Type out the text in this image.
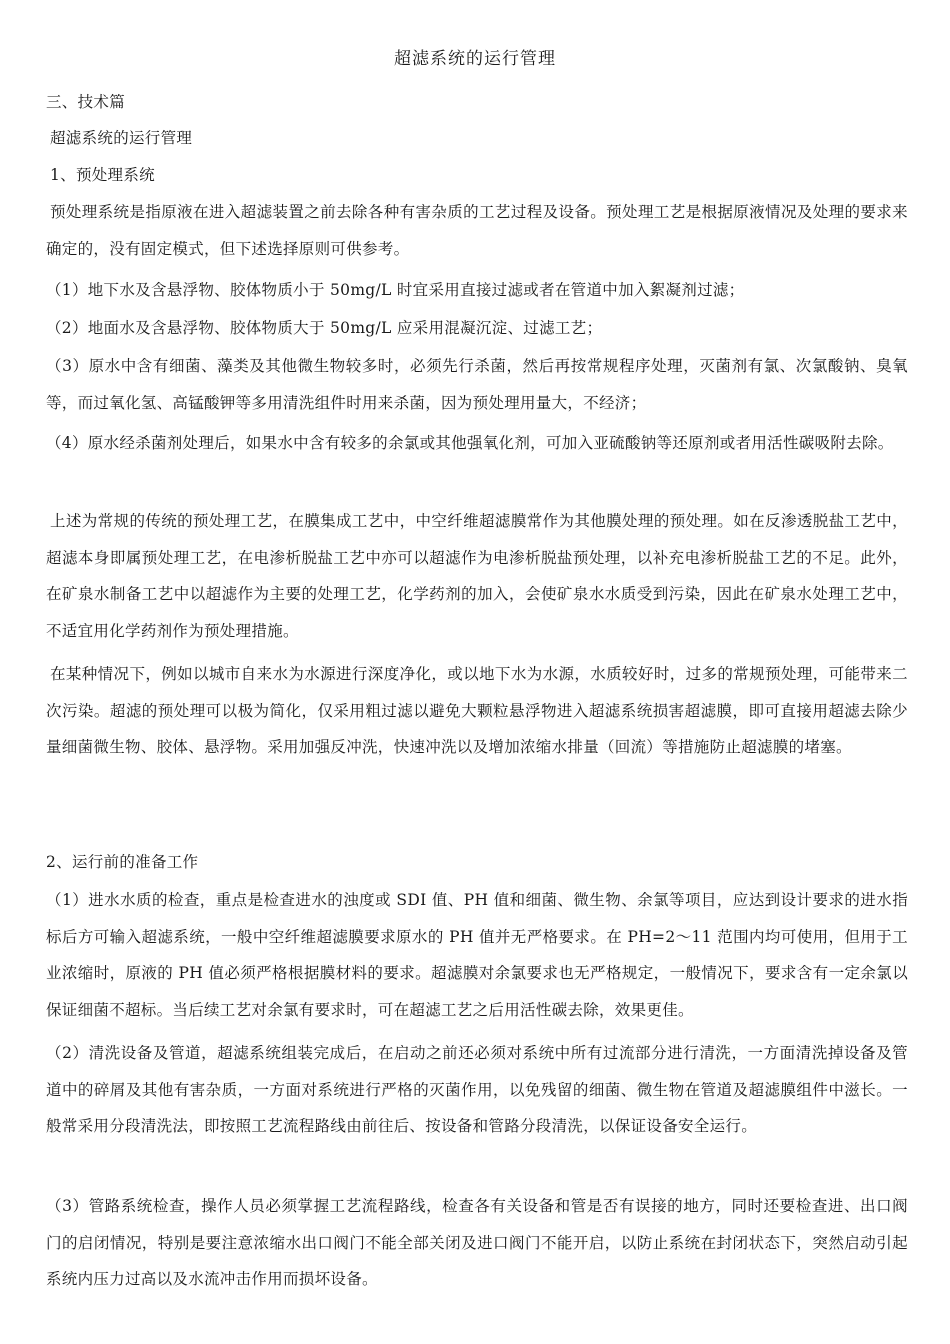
超滤系统的运行管理
三、技术篇
超滤系统的运行管理
1、预处理系统
预处理系统是指原液在进入超滤装置之前去除各种有害杂质的工艺过程及设备。预处理工艺是根据原液情况及处理的要求来确定的，没有固定模式，但下述选择原则可供参考。
（1）地下水及含悬浮物、胶体物质小于 50mg/L 时宜采用直接过滤或者在管道中加入絮凝剂过滤；
（2）地面水及含悬浮物、胶体物质大于 50mg/L 应采用混凝沉淀、过滤工艺；
（3）原水中含有细菌、藻类及其他微生物较多时，必须先行杀菌，然后再按常规程序处理，灭菌剂有氯、次氯酸钠、臭氧等，而过氧化氢、高锰酸钾等多用清洗组件时用来杀菌，因为预处理用量大，不经济；
（4）原水经杀菌剂处理后，如果水中含有较多的余氯或其他强氧化剂，可加入亚硫酸钠等还原剂或者用活性碳吸附去除。
上述为常规的传统的预处理工艺，在膜集成工艺中，中空纤维超滤膜常作为其他膜处理的预处理。如在反渗透脱盐工艺中，超滤本身即属预处理工艺，在电渗析脱盐工艺中亦可以超滤作为电渗析脱盐预处理，以补充电渗析脱盐工艺的不足。此外，在矿泉水制备工艺中以超滤作为主要的处理工艺，化学药剂的加入，会使矿泉水水质受到污染，因此在矿泉水处理工艺中，不适宜用化学药剂作为预处理措施。
在某种情况下，例如以城市自来水为水源进行深度净化，或以地下水为水源，水质较好时，过多的常规预处理，可能带来二次污染。超滤的预处理可以极为简化，仅采用粗过滤以避免大颗粒悬浮物进入超滤系统损害超滤膜，即可直接用超滤去除少量细菌微生物、胶体、悬浮物。采用加强反冲洗，快速冲洗以及增加浓缩水排量（回流）等措施防止超滤膜的堵塞。
2、运行前的准备工作
（1）进水水质的检查，重点是检查进水的浊度或 SDI 值、PH 值和细菌、微生物、余氯等项目，应达到设计要求的进水指标后方可输入超滤系统，一般中空纤维超滤膜要求原水的 PH 值并无严格要求。在 PH=2～11 范围内均可使用，但用于工业浓缩时，原液的 PH 值必须严格根据膜材料的要求。超滤膜对余氯要求也无严格规定，一般情况下，要求含有一定余氯以保证细菌不超标。当后续工艺对余氯有要求时，可在超滤工艺之后用活性碳去除，效果更佳。
（2）清洗设备及管道，超滤系统组装完成后，在启动之前还必须对系统中所有过流部分进行清洗，一方面清洗掉设备及管道中的碎屑及其他有害杂质，一方面对系统进行严格的灭菌作用，以免残留的细菌、微生物在管道及超滤膜组件中滋长。一般常采用分段清洗法，即按照工艺流程路线由前往后、按设备和管路分段清洗，以保证设备安全运行。
（3）管路系统检查，操作人员必须掌握工艺流程路线，检查各有关设备和管是否有误接的地方，同时还要检查进、出口阀门的启闭情况，特别是要注意浓缩水出口阀门不能全部关闭及进口阀门不能开启，以防止系统在封闭状态下，突然启动引起系统内压力过高以及水流冲击作用而损坏设备。
